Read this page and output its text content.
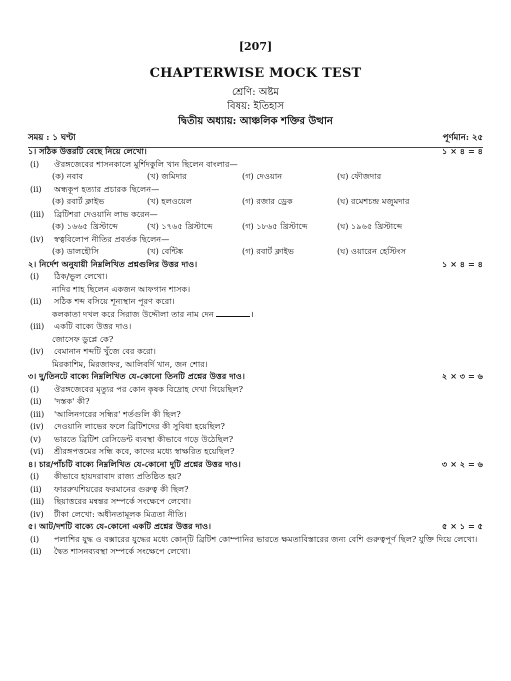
[207]
CHAPTERWISE MOCK TEST
শ্রেণি: অষ্টম
বিষয়: ইতিহাস
দ্বিতীয় অধ্যায়: আঞ্চলিক শক্তির উত্থান
সময় : ১ ঘণ্টা	পূর্ণমান: ২৫
১। সঠিক উত্তরটি বেছে নিয়ে লেখো।	১ × ৪ = ৪
(i)	ঔরঙ্গজেবের শাসনকালে মুর্শিদকুলি খান ছিলেন বাংলার—
(ক) নবাব	(খ) জমিদার	(গ) দেওয়ান	(ঘ) ফৌজদার
(ii)	অন্ধকূপ হত্যার প্রচারক ছিলেন—
(ক) রবার্ট ক্লাইভ	(খ) হলওয়েল	(গ) রজার ড্রেক	(ঘ) রমেশচন্দ্র মজুমদার
(iii)	ব্রিটিশরা দেওয়ানি লাভ করেন—
(ক) ১৬৬৫ খ্রিস্টাব্দে	(খ) ১৭৬৫ খ্রিস্টাব্দে	(গ) ১৮৬৫ খ্রিস্টাব্দে	(ঘ) ১৯৬৫ খ্রিস্টাব্দে
(iv)	স্বত্ববিলোপ নীতির প্রবর্তক ছিলেন—
(ক) ডালহৌসি	(খ) বেন্টিঙ্ক	(গ) রবার্ট ক্লাইভ	(ঘ) ওয়ারেন হেস্টিংস
২। নির্দেশ অনুযায়ী নিম্নলিখিত প্রশ্নগুলির উত্তর দাও।	১ × ৪ = ৪
(i)	ঠিক/ভুল লেখো।
নাদির শাহ ছিলেন একজন আফগান শাসক।
(ii)	সঠিক শব্দ বসিয়ে শূন্যস্থান পূরণ করো।
কলকাতা দখল করে সিরাজ উদ্দৌলা তার নাম দেন	।
(iii)	একটি বাক্যে উত্তর দাও।
জোসেফ ডুপ্লে কে?
(iv)	বেমানান শব্দটি খুঁজে বের করো।
মিরকাশিম, মিরজাফর, আলিবর্দি খান, জন শোর।
৩। দু/তিনটে বাক্যে নিম্নলিখিত যে-কোনো তিনটি প্রশ্নের উত্তর দাও।	২ × ৩ = ৬
(i)	ঔরঙ্গজেবের মৃত্যুর পর কোন কৃষক বিদ্রোহ দেখা গিয়েছিল?
(ii)	'দস্তক' কী?
(iii)	'আলিনগরের সন্ধির' শর্তগুলি কী ছিল?
(iv)	দেওয়ানি লাভের ফলে ব্রিটিশদের কী সুবিধা হয়েছিল?
(v)	ভারতে ব্রিটিশ রেসিডেন্ট ব্যবস্থা কীভাবে গড়ে উঠেছিল?
(vi)	শ্রীরঙ্গপত্তমের সন্ধি কবে, কাদের মধ্যে স্বাক্ষরিত হয়েছিল?
৪। চার/পাঁচটি বাক্যে নিম্নলিখিত যে-কোনো দুটি প্রশ্নের উত্তর দাও।	৩ × ২ = ৬
(i)	কীভাবে হায়দরাবাদ রাজ্য প্রতিষ্ঠিত হয়?
(ii)	ফাররুখশিয়রের ফরমানের গুরুত্ব কী ছিল?
(iii)	ছিয়াত্তরের মন্বন্তর সম্পর্কে সংক্ষেপে লেখো।
(iv)	টীকা লেখো: অধীনতামূলক মিত্রতা নীতি।
৫। আট/দশটি বাক্যে যে-কোনো একটি প্রশ্নের উত্তর দাও।	৫ × ১ = ৫
(i)	পলাশির যুদ্ধ ও বক্সারের যুদ্ধের মধ্যে কোন্‌টি ব্রিটিশ কোম্পানির ভারতে ক্ষমতাবিস্তারের জন্য বেশি গুরুত্বপূর্ণ ছিল? যুক্তি দিয়ে লেখো।
(ii)	দ্বৈত শাসনব্যবস্থা সম্পর্কে সংক্ষেপে লেখো।
